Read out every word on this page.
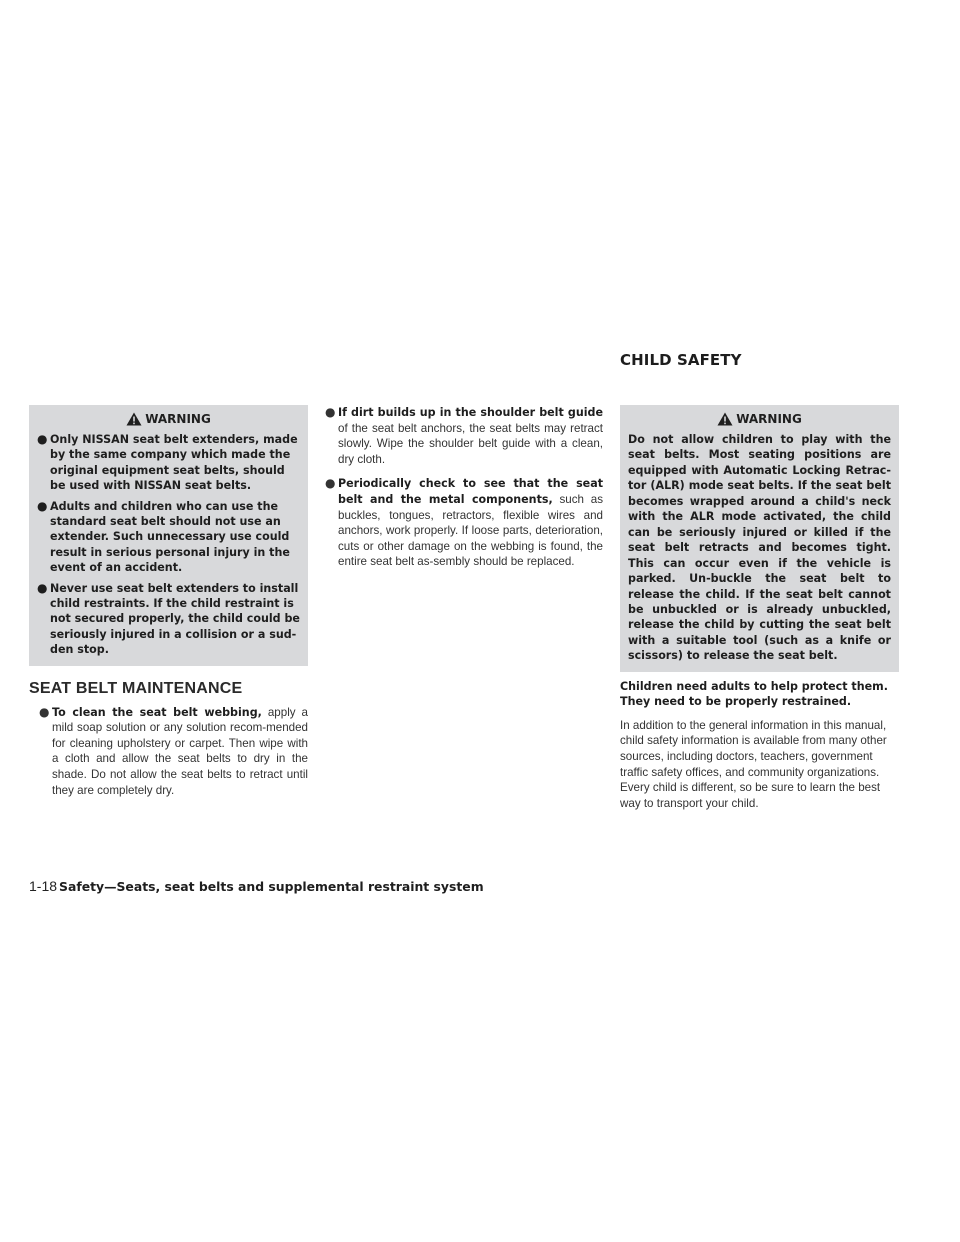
CHILD SAFETY
WARNING
● Only NISSAN seat belt extenders, made by the same company which made the original equipment seat belts, should be used with NISSAN seat belts.
● Adults and children who can use the standard seat belt should not use an extender. Such unnecessary use could result in serious personal injury in the event of an accident.
● Never use seat belt extenders to install child restraints. If the child restraint is not secured properly, the child could be seriously injured in a collision or a sud-den stop.
SEAT BELT MAINTENANCE
● To clean the seat belt webbing, apply a mild soap solution or any solution recom-mended for cleaning upholstery or carpet. Then wipe with a cloth and allow the seat belts to dry in the shade. Do not allow the seat belts to retract until they are completely dry.
● If dirt builds up in the shoulder belt guide of the seat belt anchors, the seat belts may retract slowly. Wipe the shoulder belt guide with a clean, dry cloth.
● Periodically check to see that the seat belt and the metal components, such as buckles, tongues, retractors, flexible wires and anchors, work properly. If loose parts, deterioration, cuts or other damage on the webbing is found, the entire seat belt as-sembly should be replaced.
WARNING

Do not allow children to play with the seat belts. Most seating positions are equipped with Automatic Locking Retrac-tor (ALR) mode seat belts. If the seat belt becomes wrapped around a child's neck with the ALR mode activated, the child can be seriously injured or killed if the seat belt retracts and becomes tight. This can occur even if the vehicle is parked. Un-buckle the seat belt to release the child. If the seat belt cannot be unbuckled or is already unbuckled, release the child by cutting the seat belt with a suitable tool (such as a knife or scissors) to release the seat belt.

Children need adults to help protect them. They need to be properly restrained.

In addition to the general information in this manual, child safety information is available from many other sources, including doctors, teachers, government traffic safety offices, and community organizations. Every child is different, so be sure to learn the best way to transport your child.

1-18 Safety—Seats, seat belts and supplemental restraint system
